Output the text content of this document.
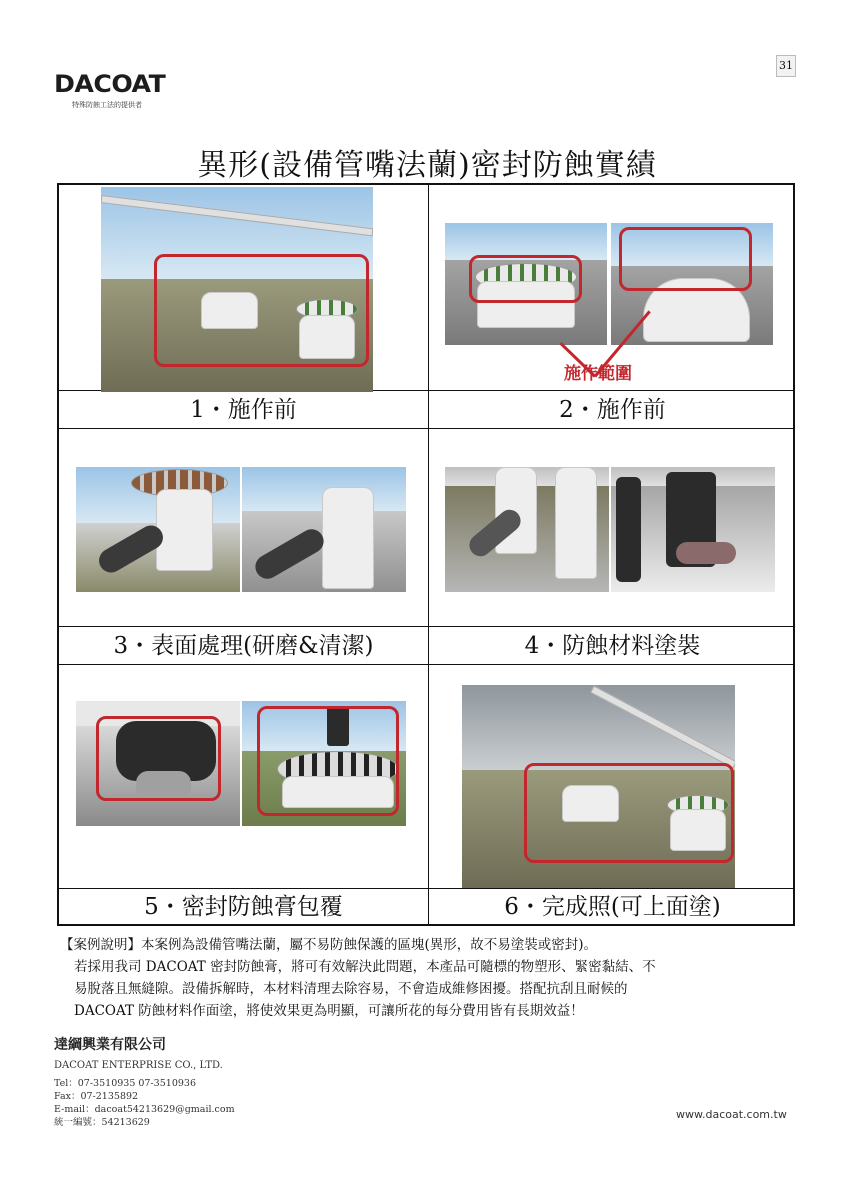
31
DACOAT
特殊防蝕工法的提供者
異形(設備管嘴法蘭)密封防蝕實績
1・施作前
施作範圍
2・施作前
3・表面處理(研磨&清潔)	4・防蝕材料塗裝
5・密封防蝕膏包覆	6・完成照(可上面塗)

【案例說明】本案例為設備管嘴法蘭，屬不易防蝕保護的區塊(異形，故不易塗裝或密封)。

若採用我司 DACOAT 密封防蝕膏，將可有效解決此問題，本產品可隨標的物塑形、緊密黏結、不

易脫落且無縫隙。設備拆解時，本材料清理去除容易，不會造成維修困擾。搭配抗刮且耐候的

DACOAT 防蝕材料作面塗，將使效果更為明顯，可讓所花的每分費用皆有長期效益！

達綱興業有限公司
DACOAT ENTERPRISE CO., LTD.
Tel：07-3510935 07-3510936
Fax：07-2135892
E-mail：dacoat54213629@gmail.com
統一編號：54213629
www.dacoat.com.tw
